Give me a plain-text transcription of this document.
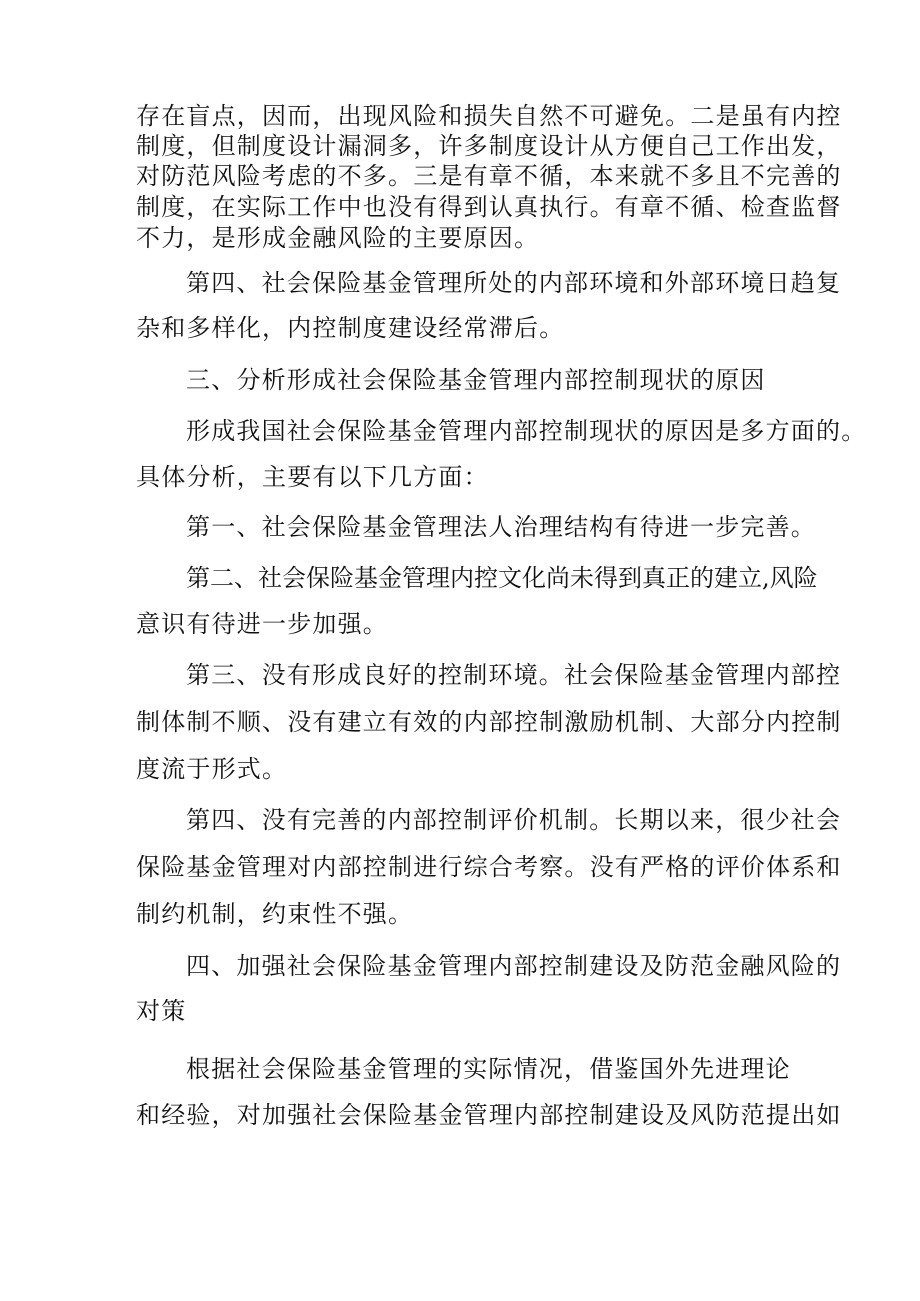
存在盲点，因而，出现风险和损失自然不可避免。二是虽有内控
制度，但制度设计漏洞多，许多制度设计从方便自己工作出发，
对防范风险考虑的不多。三是有章不循，本来就不多且不完善的
制度，在实际工作中也没有得到认真执行。有章不循、检查监督
不力，是形成金融风险的主要原因。
第四、社会保险基金管理所处的内部环境和外部环境日趋复
杂和多样化，内控制度建设经常滞后。
三、分析形成社会保险基金管理内部控制现状的原因
形成我国社会保险基金管理内部控制现状的原因是多方面的。
具体分析，主要有以下几方面：
第一、社会保险基金管理法人治理结构有待进一步完善。
第二、社会保险基金管理内控文化尚未得到真正的建立,风险
意识有待进一步加强。
第三、没有形成良好的控制环境。社会保险基金管理内部控
制体制不顺、没有建立有效的内部控制激励机制、大部分内控制
度流于形式。
第四、没有完善的内部控制评价机制。长期以来，很少社会
保险基金管理对内部控制进行综合考察。没有严格的评价体系和
制约机制，约束性不强。
四、加强社会保险基金管理内部控制建设及防范金融风险的
对策
根据社会保险基金管理的实际情况，借鉴国外先进理论
和经验，对加强社会保险基金管理内部控制建设及风防范提出如
